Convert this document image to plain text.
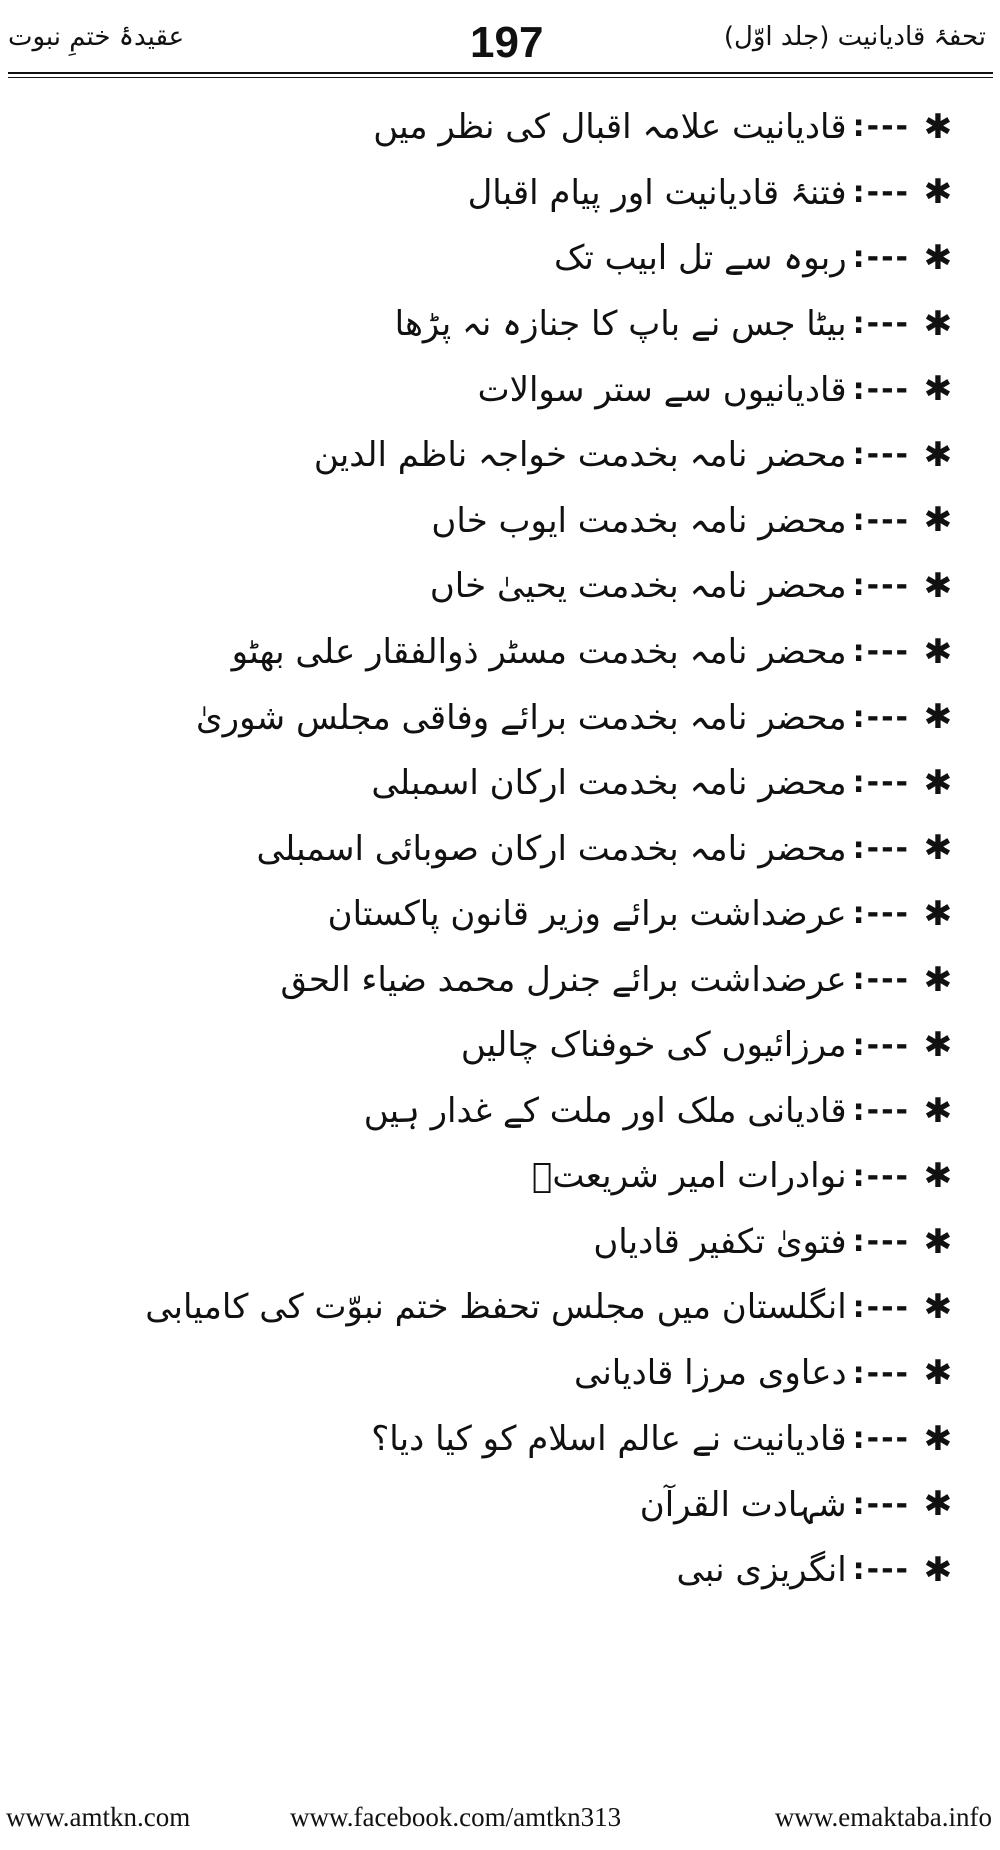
عقیدۂ ختمِ نبوت	197	تحفۂ قادیانیت (جلد اوّل)
✱
:---
قادیانیت علامہ اقبال کی نظر میں
✱
:---
فتنۂ قادیانیت اور پیام اقبال
✱
:---
ربوہ سے تل ابیب تک
✱
:---
بیٹا جس نے باپ کا جنازہ نہ پڑھا
✱
:---
قادیانیوں سے ستر سوالات
✱
:---
محضر نامہ بخدمت خواجہ ناظم الدین
✱
:---
محضر نامہ بخدمت ایوب خاں
✱
:---
محضر نامہ بخدمت یحییٰ خاں
✱
:---
محضر نامہ بخدمت مسٹر ذوالفقار علی بھٹو
✱
:---
محضر نامہ بخدمت برائے وفاقی مجلس شوریٰ
✱
:---
محضر نامہ بخدمت ارکان اسمبلی
✱
:---
محضر نامہ بخدمت ارکان صوبائی اسمبلی
✱
:---
عرضداشت برائے وزیر قانون پاکستان
✱
:---
عرضداشت برائے جنرل محمد ضیاء الحق
✱
:---
مرزائیوں کی خوفناک چالیں
✱
:---
قادیانی ملک اور ملت کے غدار ہیں
✱
:---
نوادرات امیر شریعتؒ
✱
:---
فتویٰ تکفیر قادیاں
✱
:---
انگلستان میں مجلس تحفظ ختم نبوّت کی کامیابی
✱
:---
دعاوی مرزا قادیانی
✱
:---
قادیانیت نے عالم اسلام کو کیا دیا؟
✱
:---
شہادت القرآن
✱
:---
انگریزی نبی
www.amtkn.com	www.facebook.com/amtkn313	www.emaktaba.info
